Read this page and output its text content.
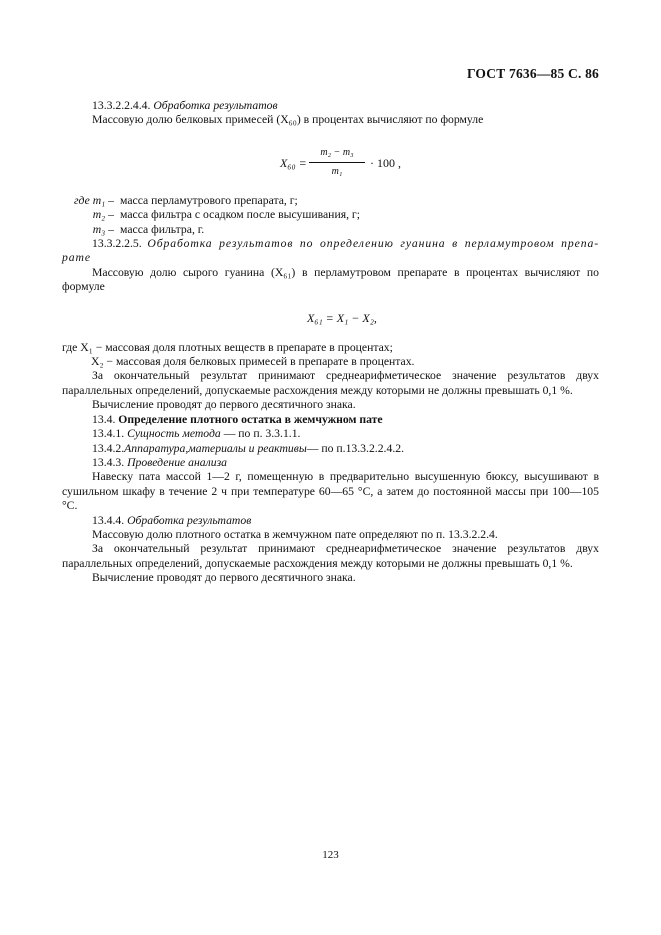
ГОСТ 7636—85 С. 86

13.3.2.2.4.4. Обработка результатов

Массовую долю белковых примесей (X₆₀) в процентах вычисляют по формуле

$X_{60} = \frac{\text{m₂ − m₃}}{\text{m₁}} \cdot 100$ ,
где m₁ – масса перламутрового препарата, г;
m₂ – масса фильтра с осадком после высушивания, г;
m₃ – масса фильтра, г.

13.3.2.2.5. Обработка результатов по определению гуанина в перламутровом препа-рате

Массовую долю сырого гуанина (X₆₁) в перламутровом препарате в процентах вычисляют по формуле

X₆₁ = X₁ − X₂,

где X₁ − массовая доля плотных веществ в препарате в процентах;

X₂ − массовая доля белковых примесей в препарате в процентах.

За окончательный результат принимают среднеарифметическое значение результатов двух параллельных определений, допускаемые расхождения между которыми не должны превышать 0,1 %.

Вычисление проводят до первого десятичного знака.

13.4. Определение плотного остатка в жемчужном пате

13.4.1. Сущность метода — по п. 3.3.1.1.

13.4.2.Аппаратура,материалы и реактивы— по п.13.3.2.2.4.2.

13.4.3. Проведение анализа

Навеску пата массой 1—2 г, помещенную в предварительно высушенную бюксу, высушивают в сушильном шкафу в течение 2 ч при температуре 60—65 °С, а затем до постоянной массы при 100—105 °С.

13.4.4. Обработка результатов

Массовую долю плотного остатка в жемчужном пате определяют по п. 13.3.2.2.4.

За окончательный результат принимают среднеарифметическое значение результатов двух параллельных определений, допускаемые расхождения между которыми не должны превышать 0,1 %.

Вычисление проводят до первого десятичного знака.

123
